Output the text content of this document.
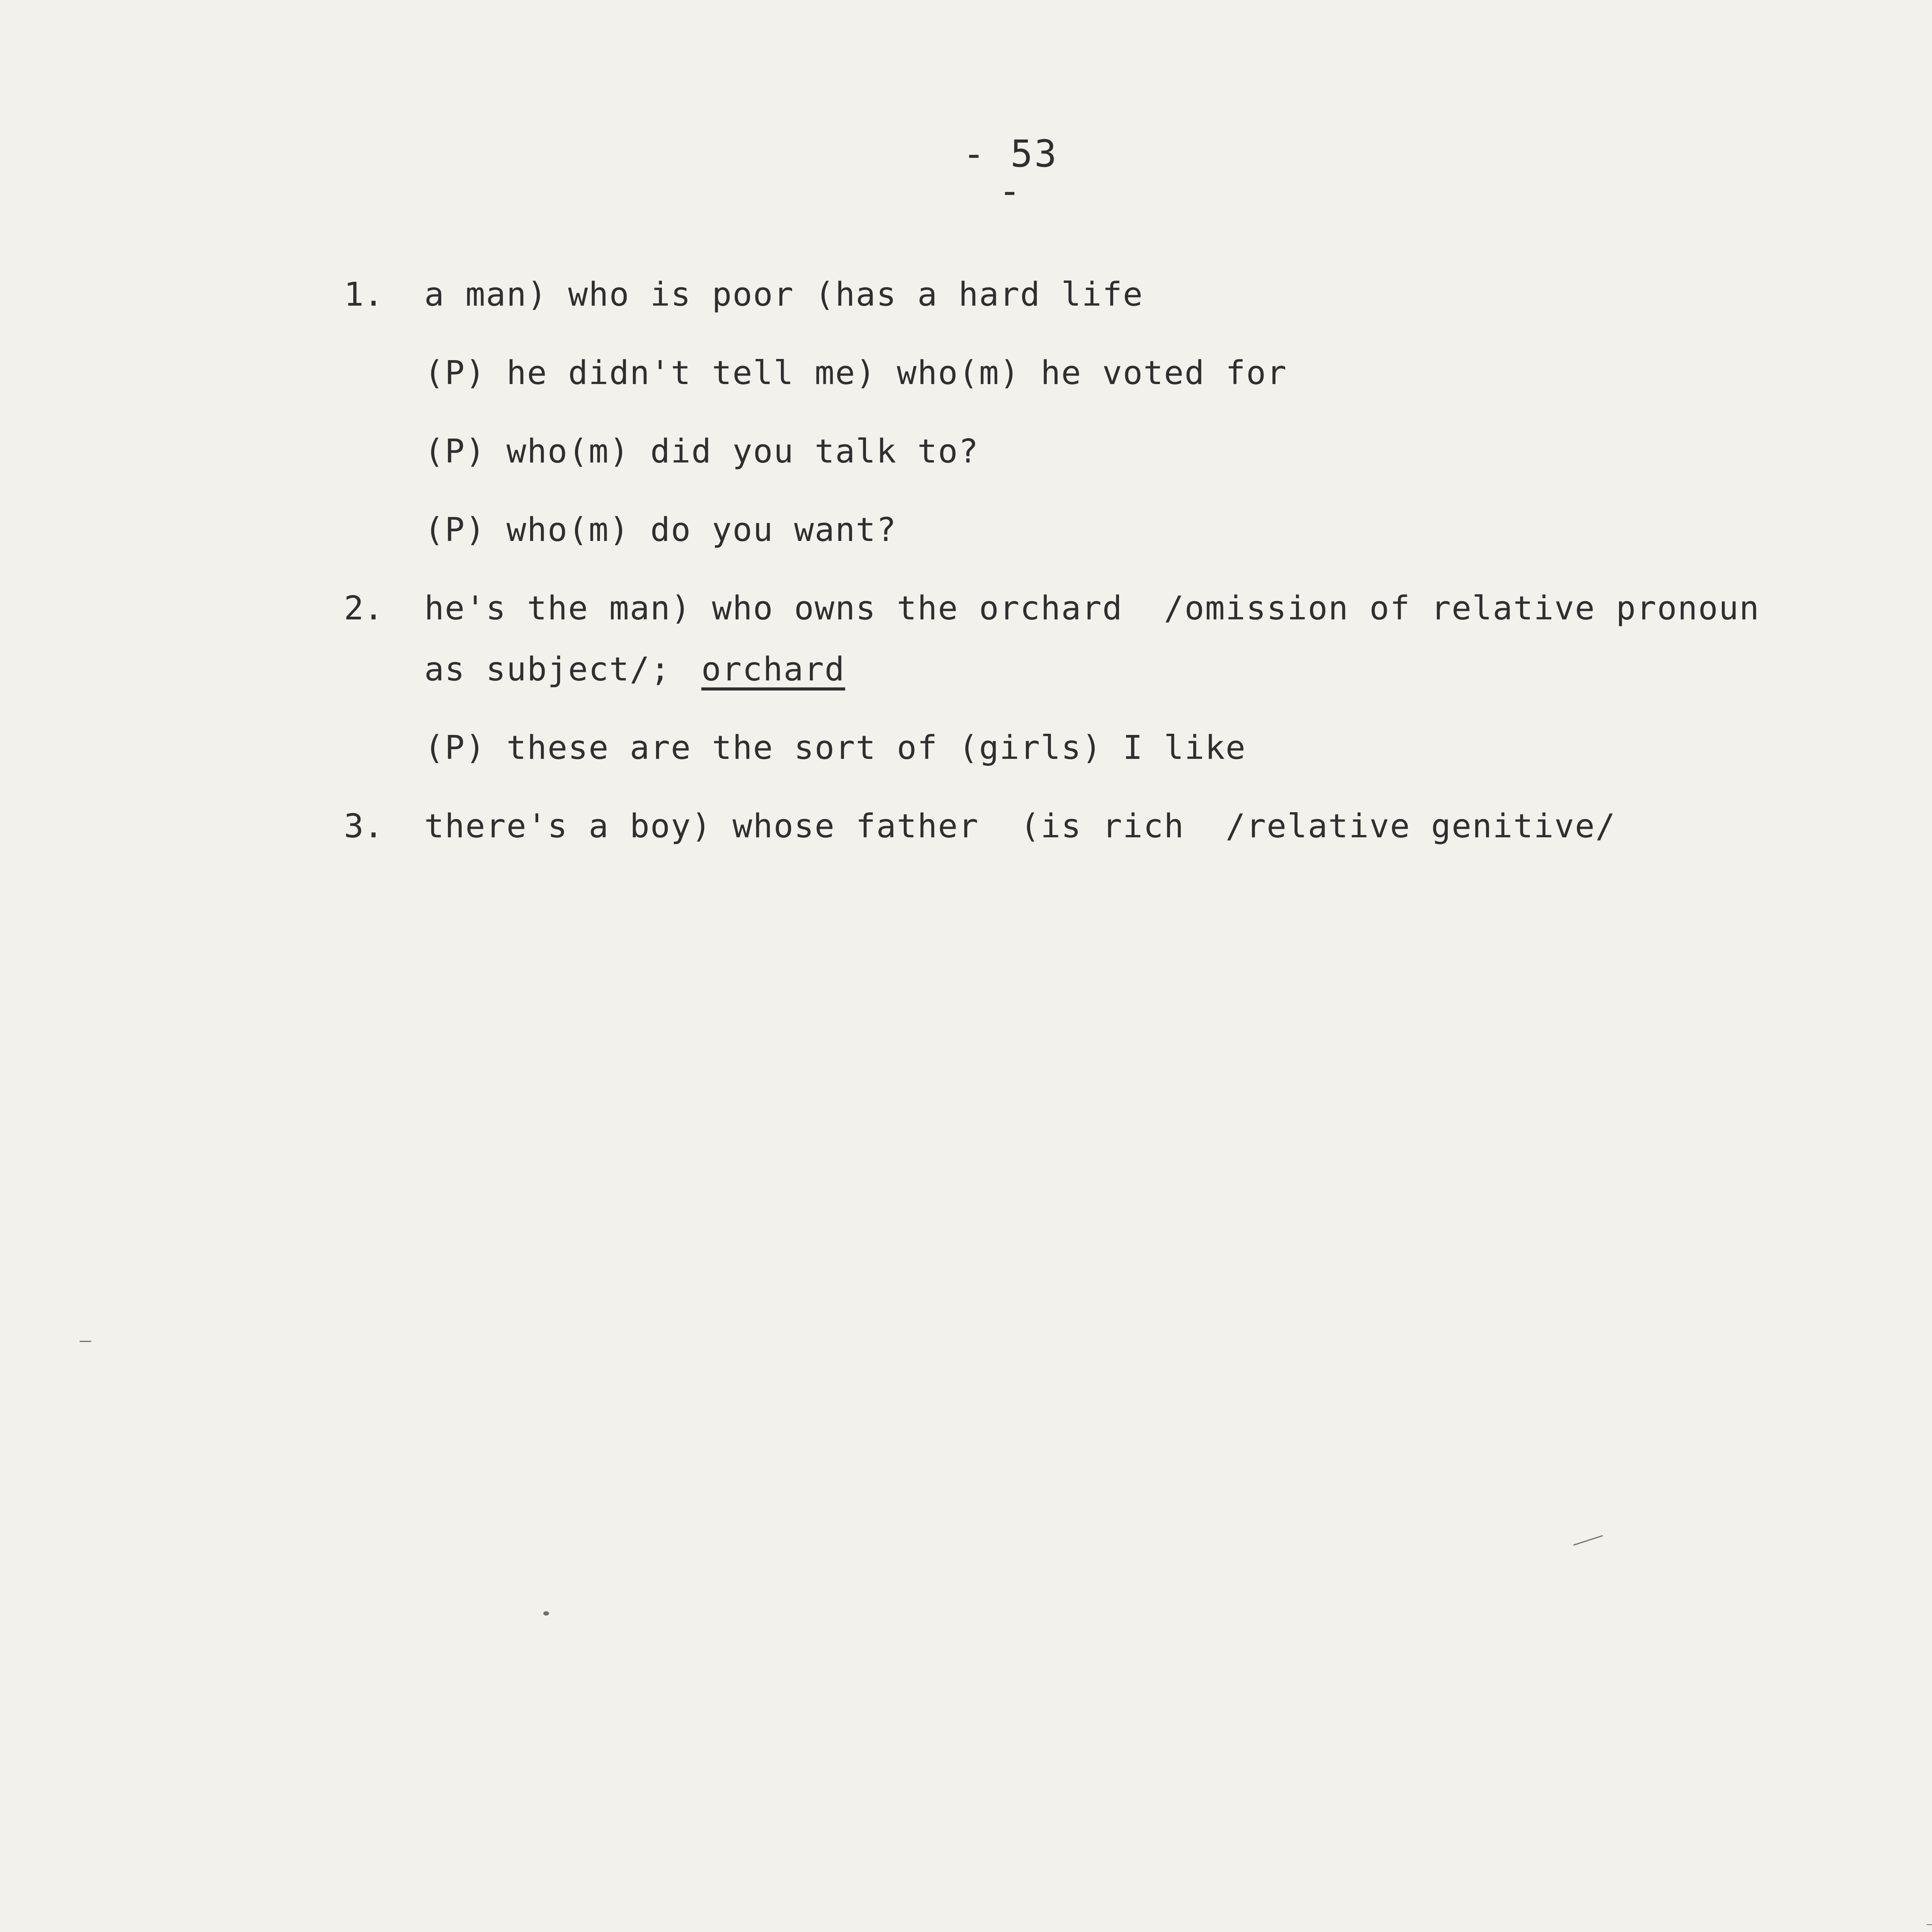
- 53 -
1. a man) who is poor (has a hard life
(P) he didn't tell me) who(m) he voted for
(P) who(m) did you talk to?
(P) who(m) do you want?
2. he's the man) who owns the orchard  /omission of relative pronoun
as subject/;
orchard
(P) these are the sort of (girls) I like
3. there's a boy) whose father  (is rich  /relative genitive/
